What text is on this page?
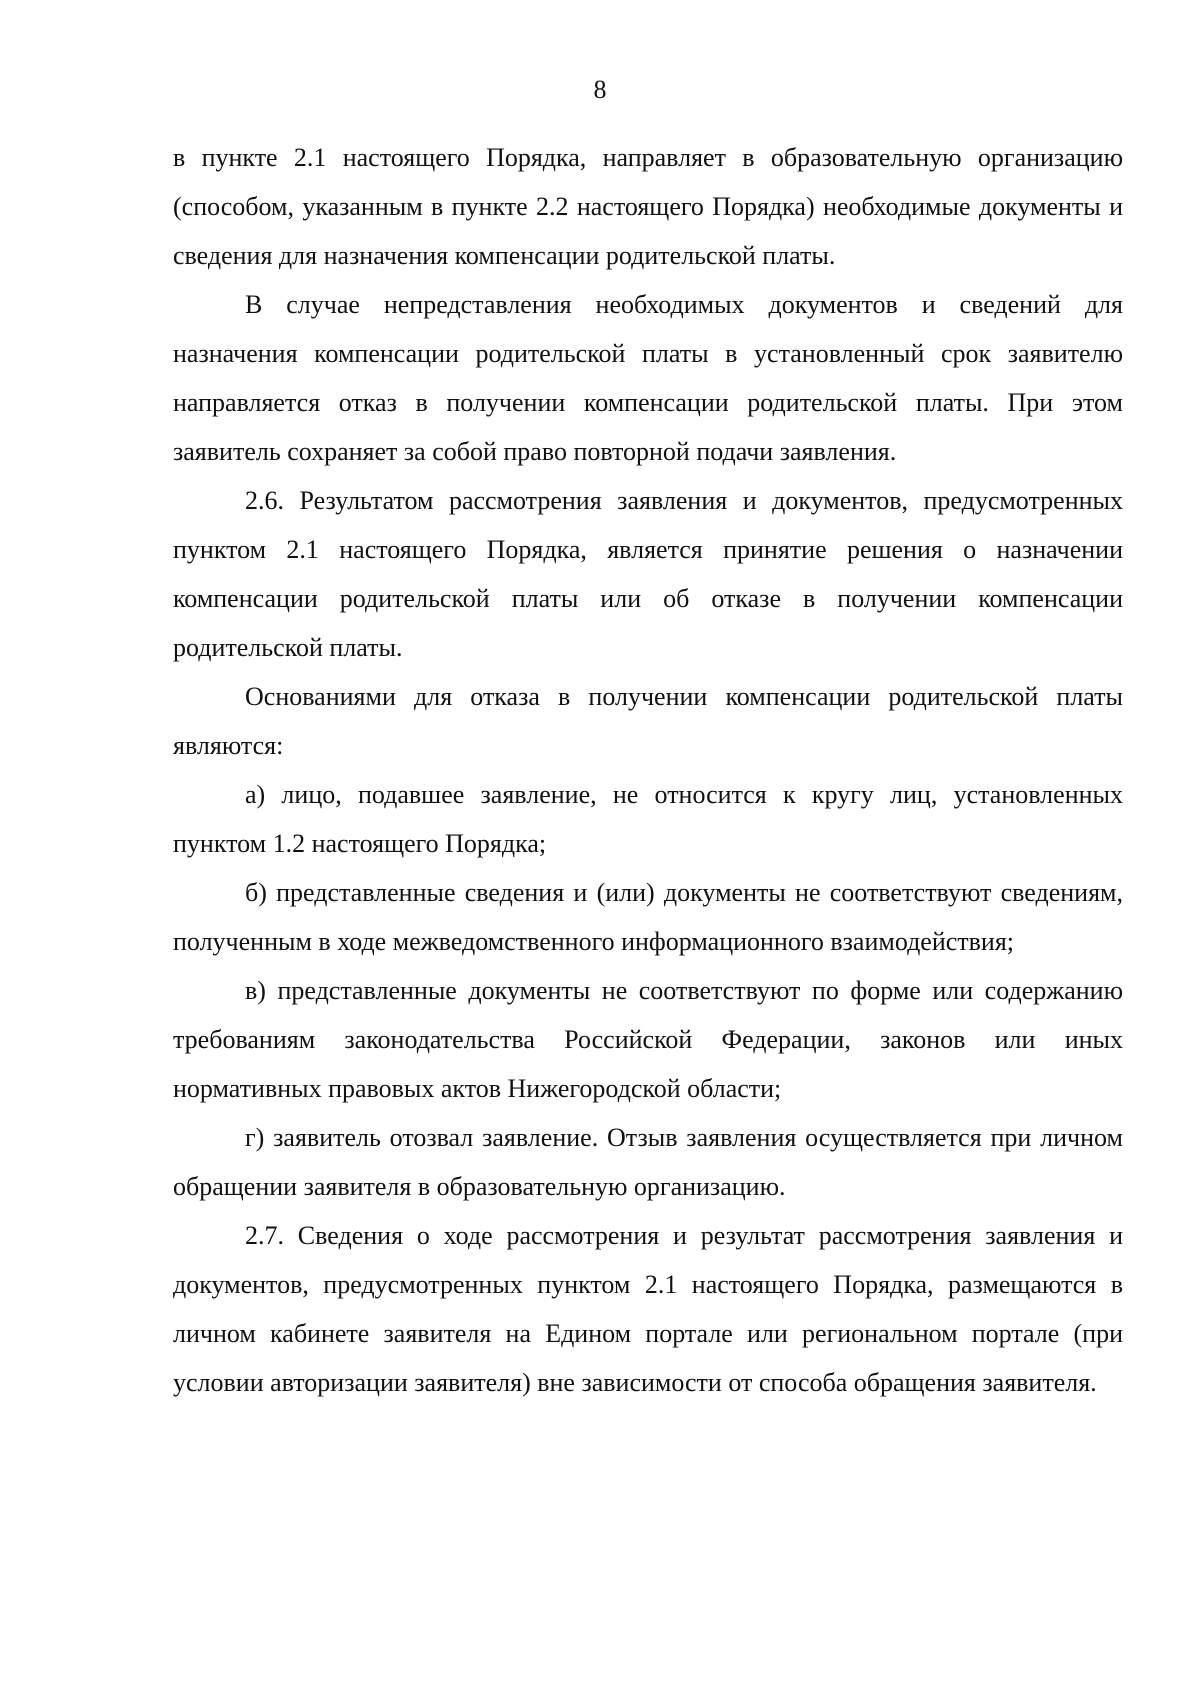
8

в пункте 2.1 настоящего Порядка, направляет в образовательную организацию (способом, указанным в пункте 2.2 настоящего Порядка) необходимые документы и сведения для назначения компенсации родительской платы.

В случае непредставления необходимых документов и сведений для назначения компенсации родительской платы в установленный срок заявителю направляется отказ в получении компенсации родительской платы. При этом заявитель сохраняет за собой право повторной подачи заявления.

2.6. Результатом рассмотрения заявления и документов, предусмотренных пунктом 2.1 настоящего Порядка, является принятие решения о назначении компенсации родительской платы или об отказе в получении компенсации родительской платы.

Основаниями для отказа в получении компенсации родительской платы являются:

а) лицо, подавшее заявление, не относится к кругу лиц, установленных пунктом 1.2 настоящего Порядка;

б) представленные сведения и (или) документы не соответствуют сведениям, полученным в ходе межведомственного информационного взаимодействия;

в) представленные документы не соответствуют по форме или содержанию требованиям законодательства Российской Федерации, законов или иных нормативных правовых актов Нижегородской области;

г) заявитель отозвал заявление. Отзыв заявления осуществляется при личном обращении заявителя в образовательную организацию.

2.7. Сведения о ходе рассмотрения и результат рассмотрения заявления и документов, предусмотренных пунктом 2.1 настоящего Порядка, размещаются в личном кабинете заявителя на Едином портале или региональном портале (при условии авторизации заявителя) вне зависимости от способа обращения заявителя.
